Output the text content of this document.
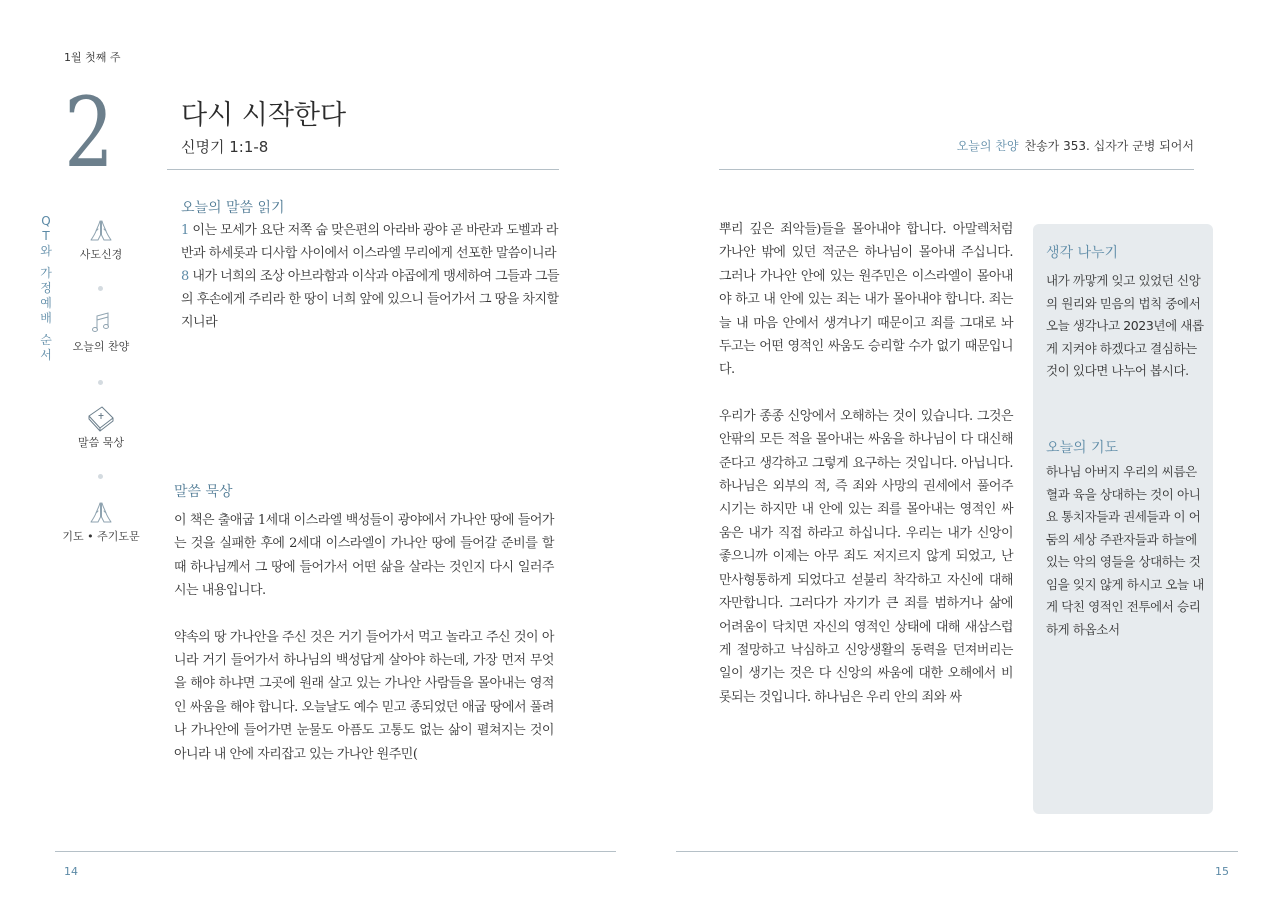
1월 첫째 주
2	다시 시작한다
신명기 1:1-8
Q
T
와
가
정
예
배
순
서
사도신경
오늘의 찬양
말씀 묵상
기도 • 주기도문
오늘의 말씀 읽기
1 이는 모세가 요단 저쪽 숩 맞은편의 아라바 광야 곧 바란과 도벨과 라반과 하세롯과 디사합 사이에서 이스라엘 무리에게 선포한 말씀이니라
8 내가 너희의 조상 아브라함과 이삭과 야곱에게 맹세하여 그들과 그들의 후손에게 주리라 한 땅이 너희 앞에 있으니 들어가서 그 땅을 차지할지니라
말씀 묵상

이 책은 출애굽 1세대 이스라엘 백성들이 광야에서 가나안 땅에 들어가는 것을 실패한 후에 2세대 이스라엘이 가나안 땅에 들어갈 준비를 할 때 하나님께서 그 땅에 들어가서 어떤 삶을 살라는 것인지 다시 일러주시는 내용입니다.

약속의 땅 가나안을 주신 것은 거기 들어가서 먹고 놀라고 주신 것이 아니라 거기 들어가서 하나님의 백성답게 살아야 하는데, 가장 먼저 무엇을 해야 하냐면 그곳에 원래 살고 있는 가나안 사람들을 몰아내는 영적인 싸움을 해야 합니다. 오늘날도 예수 믿고 종되었던 애굽 땅에서 풀려나 가나안에 들어가면 눈물도 아픔도 고통도 없는 삶이 펼쳐지는 것이 아니라 내 안에 자리잡고 있는 가나안 원주민(

14
오늘의 찬양 찬송가 353. 십자가 군병 되어서

뿌리 깊은 죄악들)들을 몰아내야 합니다. 아말렉처럼 가나안 밖에 있던 적군은 하나님이 몰아내 주십니다. 그러나 가나안 안에 있는 원주민은 이스라엘이 몰아내야 하고 내 안에 있는 죄는 내가 몰아내야 합니다. 죄는 늘 내 마음 안에서 생겨나기 때문이고 죄를 그대로 놔두고는 어떤 영적인 싸움도 승리할 수가 없기 때문입니다.

우리가 종종 신앙에서 오해하는 것이 있습니다. 그것은 안팎의 모든 적을 몰아내는 싸움을 하나님이 다 대신해준다고 생각하고 그렇게 요구하는 것입니다. 아닙니다. 하나님은 외부의 적, 즉 죄와 사망의 권세에서 풀어주시기는 하지만 내 안에 있는 죄를 몰아내는 영적인 싸움은 내가 직접 하라고 하십니다. 우리는 내가 신앙이 좋으니까 이제는 아무 죄도 저지르지 않게 되었고, 난 만사형통하게 되었다고 섣불리 착각하고 자신에 대해 자만합니다. 그러다가 자기가 큰 죄를 범하거나 삶에 어려움이 닥치면 자신의 영적인 상태에 대해 새삼스럽게 절망하고 낙심하고 신앙생활의 동력을 던져버리는 일이 생기는 것은 다 신앙의 싸움에 대한 오해에서 비롯되는 것입니다. 하나님은 우리 안의 죄와 싸

생각 나누기
내가 까맣게 잊고 있었던 신앙의 원리와 믿음의 법칙 중에서 오늘 생각나고 2023년에 새롭게 지켜야 하겠다고 결심하는 것이 있다면 나누어 봅시다.
오늘의 기도
하나님 아버지 우리의 씨름은 혈과 육을 상대하는 것이 아니요 통치자들과 권세들과 이 어둠의 세상 주관자들과 하늘에 있는 악의 영들을 상대하는 것임을 잊지 않게 하시고 오늘 내게 닥친 영적인 전투에서 승리하게 하옵소서
15
